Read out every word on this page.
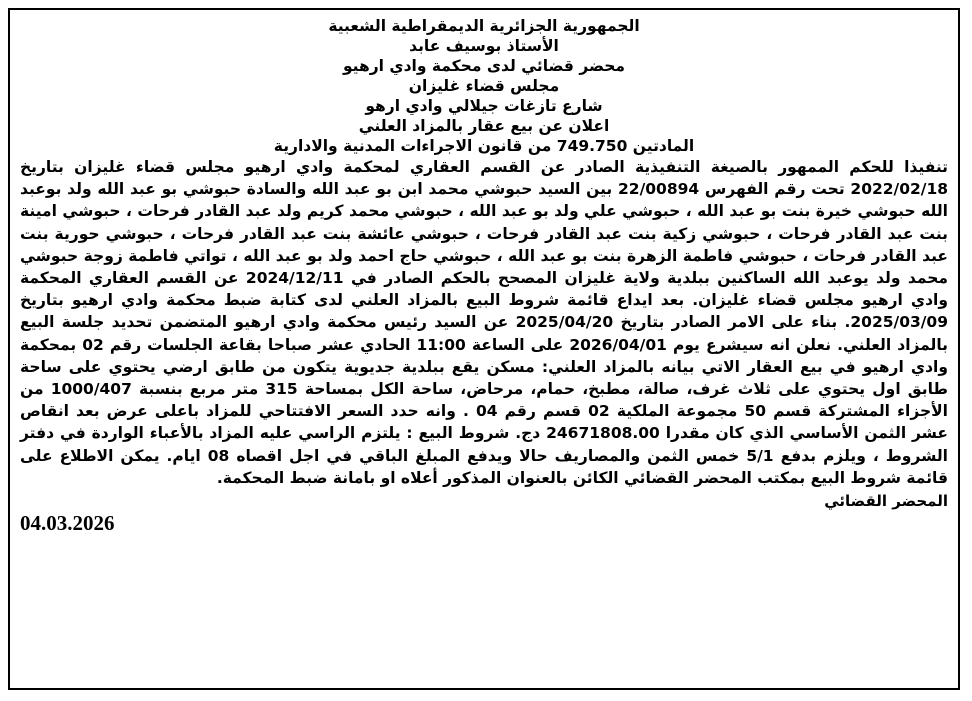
الجمهورية الجزائرية الديمقراطية الشعبية
الأستاذ بوسيف عابد
محضر قضائي لدى محكمة وادي ارهيو
مجلس قضاء غليزان
شارع تازغات جيلالي وادي ارهو
اعلان عن بيع عقار بالمزاد العلني
المادتين 749.750 من قانون الاجراءات المدنية والادارية

تنفيذا للحكم الممهور بالصيغة التنفيذية الصادر عن القسم العقاري لمحكمة وادي ارهيو مجلس قضاء غليزان بتاريخ 2022/02/18 تحت رقم الفهرس 22/00894 بين السيد حبوشي محمد ابن بو عبد الله والسادة حبوشي بو عبد الله ولد بوعبد الله حبوشي خيرة بنت بو عبد الله ، حبوشي علي ولد بو عبد الله ، حبوشي محمد كريم ولد عبد القادر فرحات ، حبوشي امينة بنت عبد القادر فرحات ، حبوشي زكية بنت عبد القادر فرحات ، حبوشي عائشة بنت عبد القادر فرحات ، حبوشي حورية بنت عبد القادر فرحات ، حبوشي فاطمة الزهرة بنت بو عبد الله ، حبوشي حاج احمد ولد بو عبد الله ، تواتي فاطمة زوجة حبوشي محمد ولد يوعبد الله الساكنين ببلدية ولاية غليزان المصحح بالحكم الصادر في 2024/12/11 عن القسم العقاري المحكمة وادي ارهيو مجلس قضاء غليزان. بعد ايداع قائمة شروط البيع بالمزاد العلني لدى كتابة ضبط محكمة وادي ارهيو بتاريخ 2025/03/09. بناء على الامر الصادر بتاريخ 2025/04/20 عن السيد رئيس محكمة وادي ارهيو المتضمن تحديد جلسة البيع بالمزاد العلني. نعلن انه سيشرع يوم 2026/04/01 على الساعة 11:00 الحادي عشر صباحا بقاعة الجلسات رقم 02 بمحكمة وادي ارهيو في بيع العقار الاتي بيانه بالمزاد العلني: مسكن يقع ببلدية جديوية يتكون من طابق ارضي يحتوي على ساحة طابق اول يحتوي على ثلاث غرف، صالة، مطبخ، حمام، مرحاض، ساحة الكل بمساحة 315 متر مربع بنسبة 1000/407 من الأجزاء المشتركة قسم 50 مجموعة الملكية 02 قسم رقم 04 . وانه حدد السعر الافتتاحي للمزاد باعلى عرض بعد انقاص عشر الثمن الأساسي الذي كان مقدرا 24671808.00 دج. شروط البيع : يلتزم الراسي عليه المزاد بالأعباء الواردة في دفتر الشروط ، ويلزم بدفع 5/1 خمس الثمن والمصاريف حالا ويدفع المبلغ الباقي في اجل اقصاه 08 ايام. يمكن الاطلاع على قائمة شروط البيع بمكتب المحضر القضائي الكائن بالعنوان المذكور أعلاه او بامانة ضبط المحكمة.

المحضر القضائي
04.03.2026
